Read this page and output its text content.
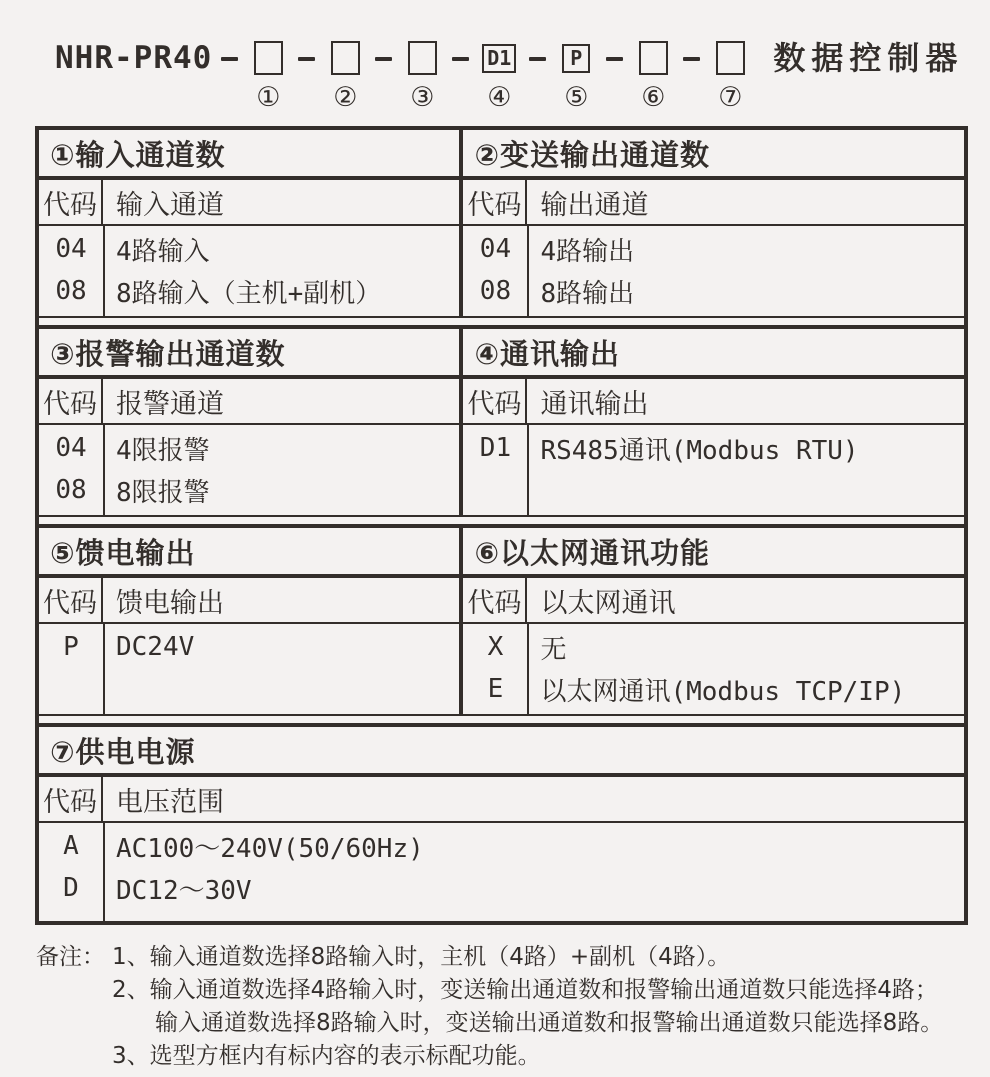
NHR-PR40
① ② ③
D1
④
P
⑤ ⑥ ⑦
数据控制器
①输入通道数
代码 输入通道
04	4路输入
08	8路输入（主机+副机）
②变送输出通道数
代码 输出通道
04	4路输出
08	8路输出
③报警输出通道数
代码 报警通道
04	4限报警
08	8限报警
④通讯输出
代码 通讯输出
D1	RS485通讯(Modbus RTU)
⑤馈电输出
代码 馈电输出
P	DC24V
⑥以太网通讯功能
代码 以太网通讯
X	无
E	以太网通讯(Modbus TCP/IP)
⑦供电电源
代码 电压范围
A	AC100～240V(50/60Hz)
D	DC12～30V
备注： 1、输入通道数选择8路输入时，主机（4路）+副机（4路）。
2、输入通道数选择4路输入时，变送输出通道数和报警输出通道数只能选择4路；
输入通道数选择8路输入时，变送输出通道数和报警输出通道数只能选择8路。
3、选型方框内有标内容的表示标配功能。
